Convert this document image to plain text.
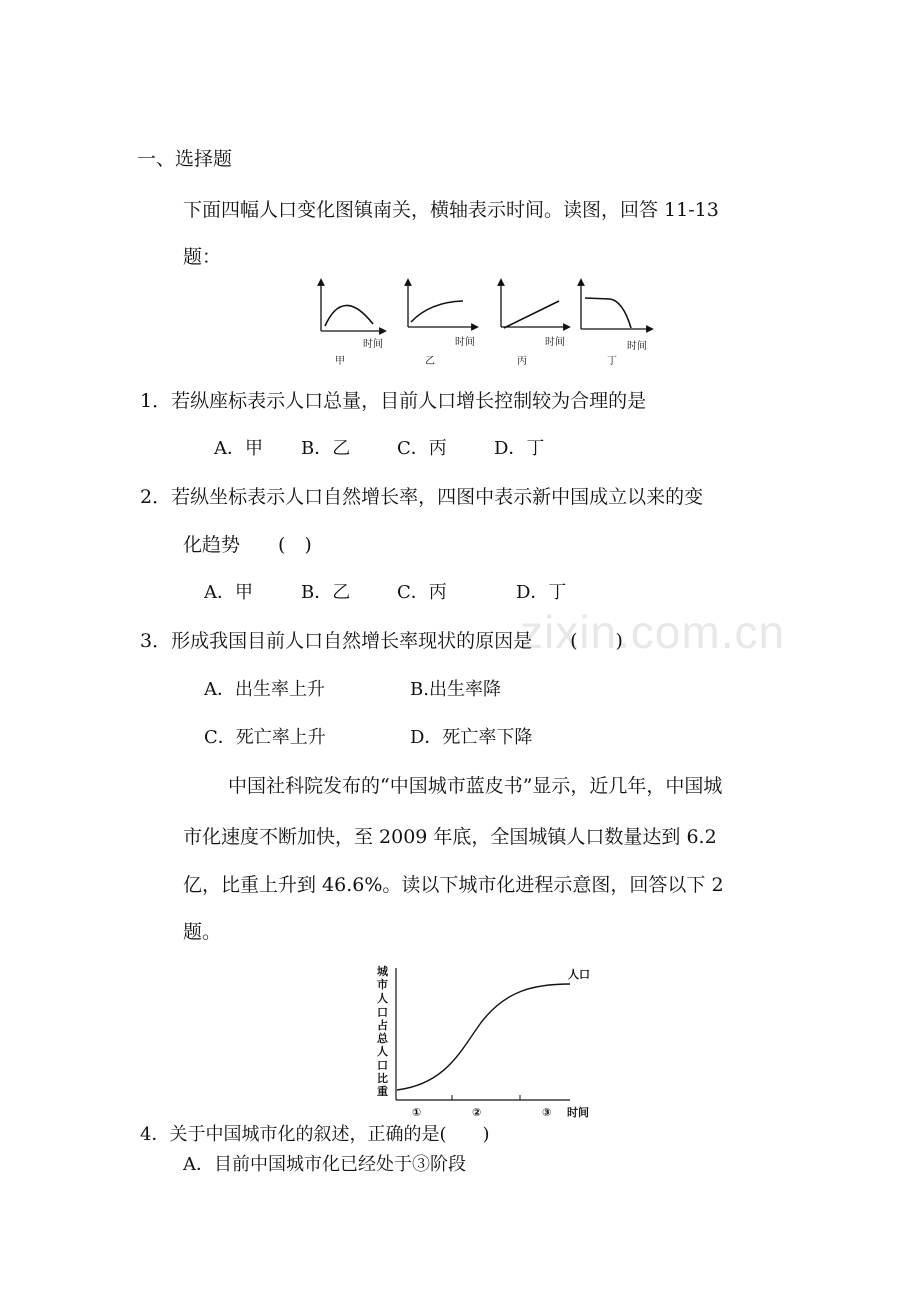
zixin.com.cn
一、选择题
下面四幅人口变化图镇南关，横轴表示时间。读图，回答 11-13
题：
时间
甲
时间
乙
时间
丙
时间
丁
1．若纵座标表示人口总量，目前人口增长控制较为合理的是
A．甲 B．乙	C．丙	D．丁
2．若纵坐标表示人口自然增长率，四图中表示新中国成立以来的变
化趋势　　(　)
A．甲	B．乙	C．丙	D．丁
3．形成我国目前人口自然增长率现状的原因是　　(　　)
A．出生率上升	B.出生率降
C．死亡率上升	D．死亡率下降
中国社科院发布的“中国城市蓝皮书”显示，近几年，中国城
市化速度不断加快，至 2009 年底，全国城镇人口数量达到 6.2
亿，比重上升到 46.6%。读以下城市化进程示意图，回答以下 2
题。
城
市
人
口
占
总
人
口
比
重
人口
①	②	③ 时间
4．关于中国城市化的叙述，正确的是(　　)
A．目前中国城市化已经处于③阶段
